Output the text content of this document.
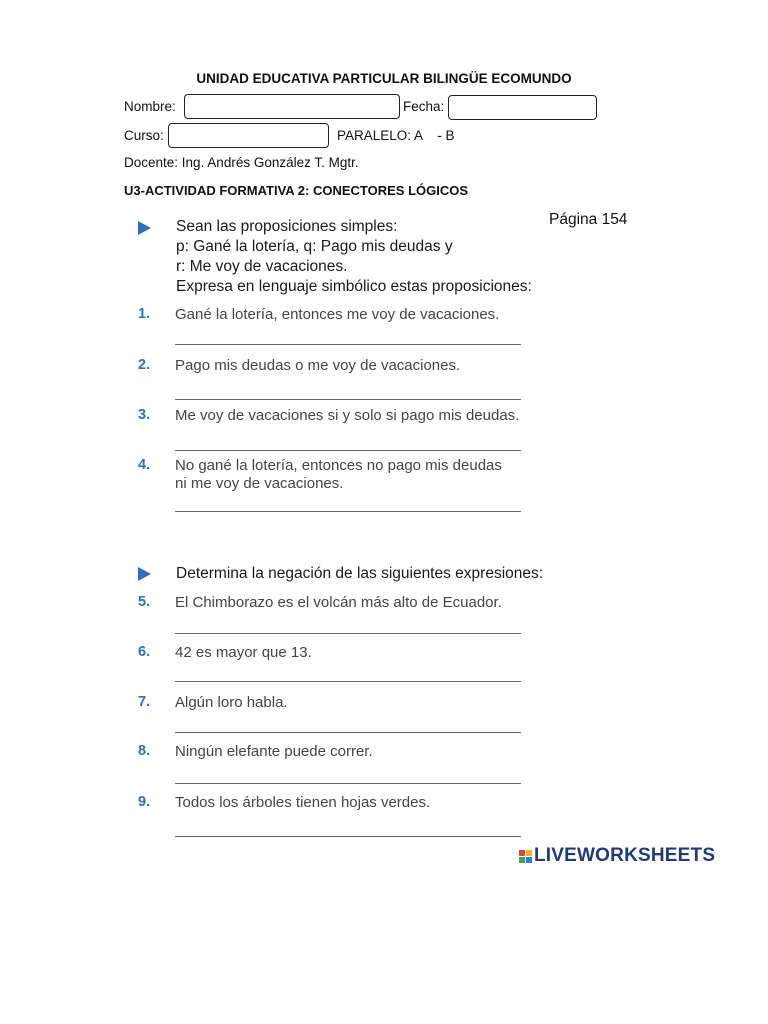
UNIDAD EDUCATIVA PARTICULAR BILINGÜE ECOMUNDO
Nombre:	Fecha:
Curso:	PARALELO: A    - B
Docente: Ing. Andrés González T. Mgtr.
U3-ACTIVIDAD FORMATIVA 2: CONECTORES LÓGICOS
Página 154
Sean las proposiciones simples:
p: Gané la lotería, q: Pago mis deudas y
r: Me voy de vacaciones.
Expresa en lenguaje simbólico estas proposiciones:
1. Gané la lotería, entonces me voy de vacaciones.
2. Pago mis deudas o me voy de vacaciones.
3. Me voy de vacaciones si y solo si pago mis deudas.
4. No gané la lotería, entonces no pago mis deudas
ni me voy de vacaciones.
Determina la negación de las siguientes expresiones:
5. El Chimborazo es el volcán más alto de Ecuador.
6. 42 es mayor que 13.
7. Algún loro habla.
8. Ningún elefante puede correr.
9. Todos los árboles tienen hojas verdes.
LIVEWORKSHEETS
